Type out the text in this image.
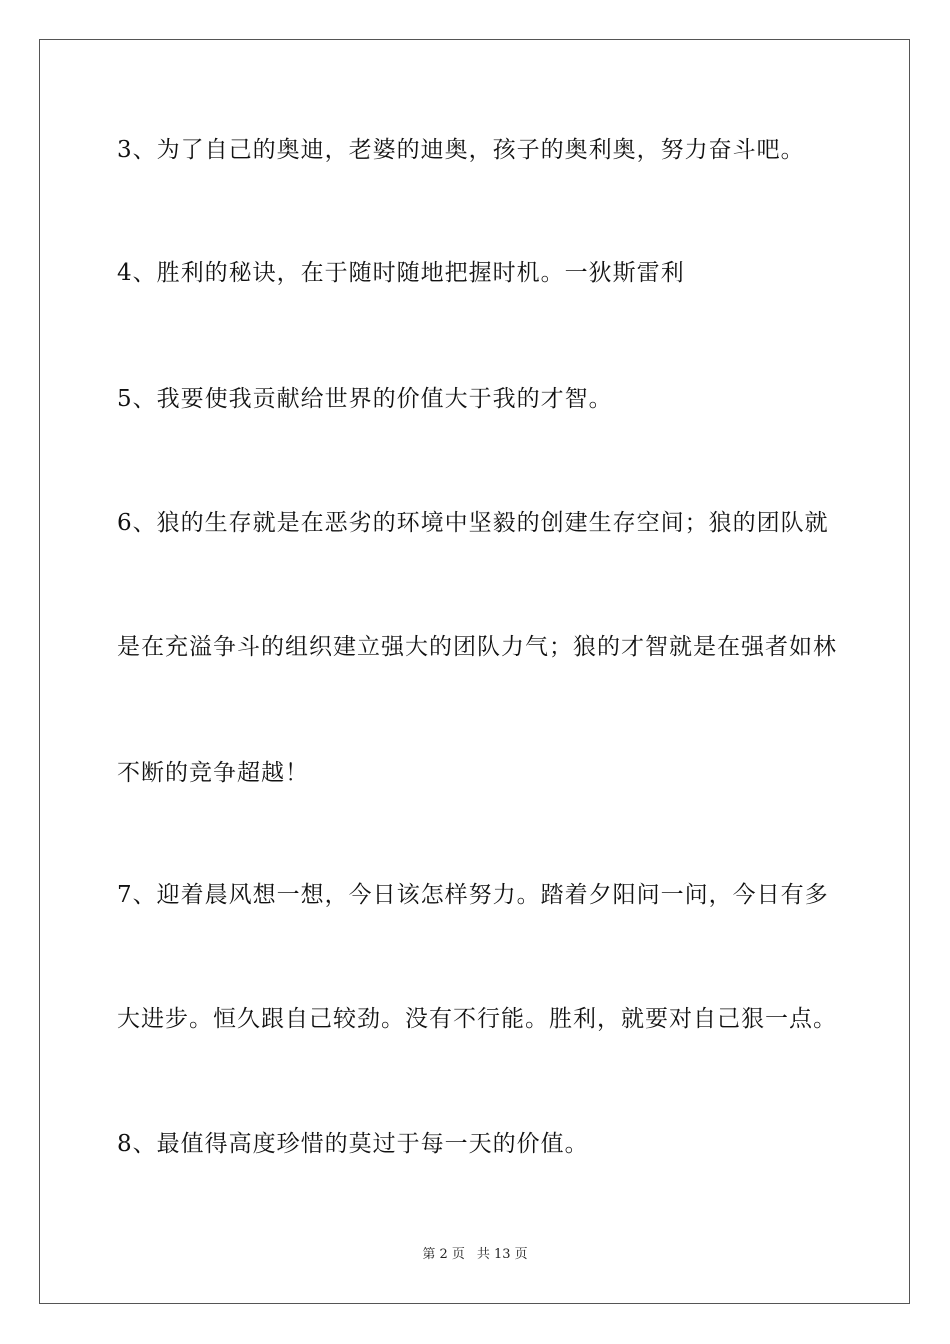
3、为了自己的奥迪，老婆的迪奥，孩子的奥利奥，努力奋斗吧。
4、胜利的秘诀，在于随时随地把握时机。一狄斯雷利
5、我要使我贡献给世界的价值大于我的才智。
6、狼的生存就是在恶劣的环境中坚毅的创建生存空间；狼的团队就
是在充溢争斗的组织建立强大的团队力气；狼的才智就是在强者如林
不断的竞争超越！
7、迎着晨风想一想，今日该怎样努力。踏着夕阳问一问，今日有多
大进步。恒久跟自己较劲。没有不行能。胜利，就要对自己狠一点。
8、最值得高度珍惜的莫过于每一天的价值。
第 2 页 共 13 页
